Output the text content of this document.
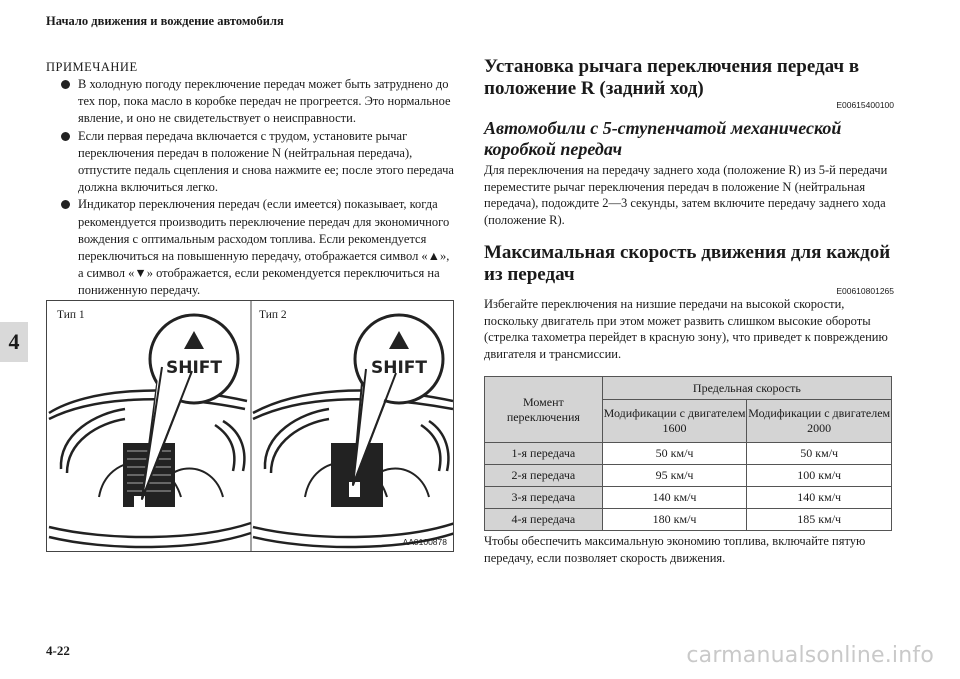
Начало движения и вождение автомобиля
ПРИМЕЧАНИЕ
В холодную погоду переключение передач может быть затруднено до тех пор, пока масло в коробке передач не прогреется. Это нормальное явление, и оно не свидетельствует о неисправности.
Если первая передача включается с трудом, установите рычаг переключения передач в положение N (нейтральная передача), отпустите педаль сцепления и снова нажмите ее; после этого передача должна включиться легко.
Индикатор переключения передач (если имеется) показывает, когда рекомендуется производить переключение передач для экономичного вождения с оптимальным расходом топлива. Если рекомендуется переключиться на повышенную передачу, отображается символ «▲», а символ «▼» отображается, если рекомендуется переключиться на пониженную передачу.
SHIFT	SHIFT
Тип 1	Тип 2
AA0100878
4
4-22
Установка рычага переключения передач в положение R (задний ход)
E00615400100
Автомобили с 5-ступенчатой механической коробкой передач

Для переключения на передачу заднего хода (положение R) из 5-й передачи переместите рычаг переключения передач в положение N (нейтральная передача), подождите 2—3 секунды, затем включите передачу заднего хода (положение R).

Максимальная скорость движения для каждой из передач
E00610801265

Избегайте переключения на низшие передачи на высокой скорости, поскольку двигатель при этом может развить слишком высокие обороты (стрелка тахометра перейдет в красную зону), что приведет к повреждению двигателя и трансмиссии.

Момент переключения	Предельная скорость	
	Модификации с двигателем 1600	Модификации с двигателем 2000
1-я передача	50 км/ч	50 км/ч
2-я передача	95 км/ч	100 км/ч
3-я передача	140 км/ч	140 км/ч
4-я передача	180 км/ч	185 км/ч

Чтобы обеспечить максимальную экономию топлива, включайте пятую передачу, если позволяет скорость движения.

carmanualsonline.info
